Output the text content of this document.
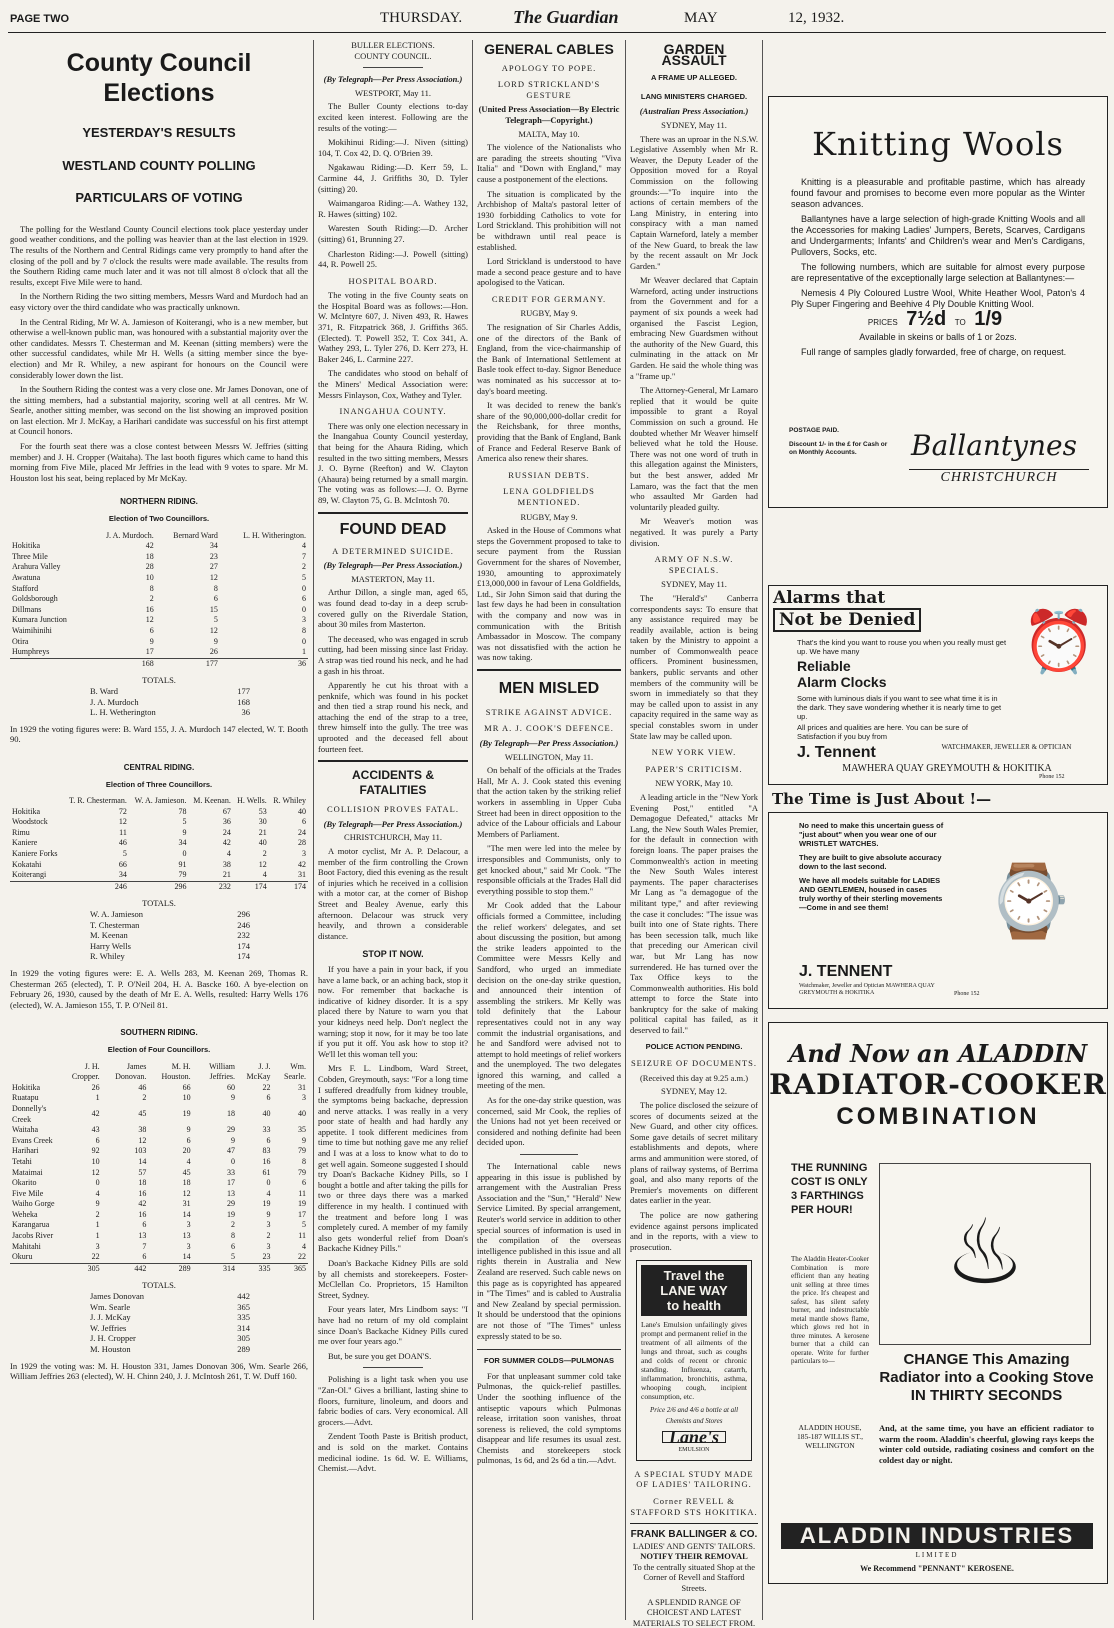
PAGE TWO	THURSDAY.	The Guardian	MAY	12, 1932.
County Council Elections
YESTERDAY'S RESULTS
WESTLAND COUNTY POLLING
PARTICULARS OF VOTING

The polling for the Westland County Council elections took place yesterday under good weather conditions, and the polling was heavier than at the last election in 1929. The results of the Northern and Central Ridings came very promptly to hand after the closing of the poll and by 7 o'clock the results were made available. The results from the Southern Riding came much later and it was not till almost 8 o'clock that all the results, except Five Mile were to hand.

In the Northern Riding the two sitting members, Messrs Ward and Murdoch had an easy victory over the third candidate who was practically unknown.

In the Central Riding, Mr W. A. Jamieson of Koiterangi, who is a new member, but otherwise a well-known public man, was honoured with a substantial majority over the other candidates. Messrs T. Chesterman and M. Keenan (sitting members) were the other successful candidates, while Mr H. Wells (a sitting member since the bye-election) and Mr R. Whiley, a new aspirant for honours on the Council were considerably lower down the list.

In the Southern Riding the contest was a very close one. Mr James Donovan, one of the sitting members, had a substantial majority, scoring well at all centres. Mr W. Searle, another sitting member, was second on the list showing an improved position on last election. Mr J. McKay, a Harihari candidate was successful on his first attempt at Council honors.

For the fourth seat there was a close contest between Messrs W. Jeffries (sitting member) and J. H. Cropper (Waitaha). The last booth figures which came to hand this morning from Five Mile, placed Mr Jeffries in the lead with 9 votes to spare. Mr M. Houston lost his seat, being replaced by Mr McKay.

NORTHERN RIDING.
Election of Two Councillors.
	J. A. Murdoch.	Bernard Ward	L. H. Witherington.
Hokitika	42	34	4
Three Mile	18	23	7
Arahura Valley	28	27	2
Awatuna	10	12	5
Stafford	8	8	0
Goldsborough	2	6	6
Dillmans	16	15	0
Kumara Junction	12	5	3
Waimihinihi	6	12	8
Otira	9	9	0
Humphreys	17	26	1
	168	177	36
TOTALS.
B. Ward	177
J. A. Murdoch	168
L. H. Wetherington	36
In 1929 the voting figures were: B. Ward 155, J. A. Murdoch 147 elected, W. T. Booth 90.
CENTRAL RIDING.
Election of Three Councillors.
	T. R. Chesterman.	W. A. Jamieson.	M. Keenan.	H. Wells.	R. Whiley
Hokitika	72	78	67	53	40
Woodstock	12	5	36	30	6
Rimu	11	9	24	21	24
Kaniere	46	34	42	40	28
Kaniere Forks	5	0	4	2	3
Kokatahi	66	91	38	12	42
Koiterangi	34	79	21	4	31
	246	296	232	174	174
TOTALS.
W. A. Jamieson	296
T. Chesterman	246
M. Keenan	232
Harry Wells	174
R. Whiley	174
In 1929 the voting figures were: E. A. Wells 283, M. Keenan 269, Thomas R. Chesterman 265 (elected), T. P. O'Neil 204, H. A. Bascke 160. A bye-election on February 26, 1930, caused by the death of Mr E. A. Wells, resulted: Harry Wells 176 (elected), W. A. Jamieson 155, T. P. O'Neil 81.
SOUTHERN RIDING.
Election of Four Councillors.
	J. H. Cropper.	James Donovan.	M. H. Houston.	William Jeffries.	J. J. McKay	Wm. Searle.
Hokitika	26	46	66	60	22	31
Ruatapu	1	2	10	9	6	3
Donnelly's Creek	42	45	19	18	40	40
Waitaha	43	38	9	29	33	35
Evans Creek	6	12	6	9	6	9
Harihari	92	103	20	47	83	79
Tetahi	10	14	4	0	16	8
Mataimai	12	57	45	33	61	79
Okarito	0	18	18	17	0	6
Five Mile	4	16	12	13	4	11
Waiho Gorge	9	42	31	29	19	19
Weheka	2	16	14	19	9	17
Karangarua	1	6	3	2	3	5
Jacobs River	1	13	13	8	2	11
Mahitahi	3	7	3	6	3	4
Okuru	22	6	14	5	23	22
	305	442	289	314	335	365
TOTALS.
James Donovan	442
Wm. Searle	365
J. J. McKay	335
W. Jeffries	314
J. H. Cropper	305
M. Houston	289
In 1929 the voting was: M. H. Houston 331, James Donovan 306, Wm. Searle 266, William Jeffries 263 (elected), W. H. Chinn 240, J. J. McIntosh 261, T. W. Duff 160.
BULLER ELECTIONS.
COUNTY COUNCIL.
(By Telegraph—Per Press Association.)
WESTPORT, May 11.

The Buller County elections to-day excited keen interest. Following are the results of the voting:—

Mokihinui Riding:—J. Niven (sitting) 104, T. Cox 42, D. Q. O'Brien 39.

Ngakawau Riding:—D. Kerr 59, L. Carmine 44, J. Griffiths 30, D. Tyler (sitting) 20.

Waimangaroa Riding:—A. Wathey 132, R. Hawes (sitting) 102.

Waresten South Riding:—D. Archer (sitting) 61, Brunning 27.

Charleston Riding:—J. Powell (sitting) 44, R. Powell 25.

HOSPITAL BOARD.

The voting in the five County seats on the Hospital Board was as follows:—Hon. W. McIntyre 607, J. Niven 493, R. Hawes 371, R. Fitzpatrick 368, J. Griffiths 365. (Elected). T. Powell 352, T. Cox 341, A. Wathey 293, L. Tyler 276, D. Kerr 273, H. Baker 246, L. Carmine 227.

The candidates who stood on behalf of the Miners' Medical Association were: Messrs Finlayson, Cox, Wathey and Tyler.

INANGAHUA COUNTY.

There was only one election necessary in the Inangahua County Council yesterday, that being for the Ahaura Riding, which resulted in the two sitting members, Messrs J. O. Byrne (Reefton) and W. Clayton (Ahaura) being returned by a small margin. The voting was as follows:—J. O. Byrne 89, W. Clayton 75, G. B. McIntosh 70.

FOUND DEAD
A DETERMINED SUICIDE.
(By Telegraph—Per Press Association.)
MASTERTON, May 11.

Arthur Dillon, a single man, aged 65, was found dead to-day in a deep scrub-covered gully on the Riverdale Station, about 30 miles from Masterton.

The deceased, who was engaged in scrub cutting, had been missing since last Friday. A strap was tied round his neck, and he had a gash in his throat.

Apparently he cut his throat with a penknife, which was found in his pocket and then tied a strap round his neck, and attaching the end of the strap to a tree, threw himself into the gully. The tree was uprooted and the deceased fell about fourteen feet.

ACCIDENTS & FATALITIES
COLLISION PROVES FATAL.
(By Telegraph—Per Press Association.)
CHRISTCHURCH, May 11.

A motor cyclist, Mr A. P. Delacour, a member of the firm controlling the Crown Boot Factory, died this evening as the result of injuries which he received in a collision with a motor car, at the corner of Bishop Street and Bealey Avenue, early this afternoon. Delacour was struck very heavily, and thrown a considerable distance.

STOP IT NOW.

If you have a pain in your back, if you have a lame back, or an aching back, stop it now. For remember that backache is indicative of kidney disorder. It is a spy placed there by Nature to warn you that your kidneys need help. Don't neglect the warning; stop it now, for it may be too late if you put it off. You ask how to stop it? We'll let this woman tell you:

Mrs F. L. Lindbom, Ward Street, Cobden, Greymouth, says: "For a long time I suffered dreadfully from kidney trouble, the symptoms being backache, depression and nerve attacks. I was really in a very poor state of health and had hardly any appetite. I took different medicines from time to time but nothing gave me any relief and I was at a loss to know what to do to get well again. Someone suggested I should try Doan's Backache Kidney Pills, so I bought a bottle and after taking the pills for two or three days there was a marked difference in my health. I continued with the treatment and before long I was completely cured. A member of my family also gets wonderful relief from Doan's Backache Kidney Pills."

Doan's Backache Kidney Pills are sold by all chemists and storekeepers. Foster-McClellan Co. Proprietors, 15 Hamilton Street, Sydney.

Four years later, Mrs Lindbom says: "I have had no return of my old complaint since Doan's Backache Kidney Pills cured me over four years ago."

But, be sure you get DOAN'S.

Polishing is a light task when you use "Zan-Ol." Gives a brilliant, lasting shine to floors, furniture, linoleum, and doors and fabric bodies of cars. Very economical. All grocers.—Advt.

Zendent Tooth Paste is British product, and is sold on the market. Contains medicinal iodine. 1s 6d. W. E. Williams, Chemist.—Advt.

GENERAL CABLES
APOLOGY TO POPE.
LORD STRICKLAND'S GESTURE
(United Press Association—By Electric Telegraph—Copyright.)
MALTA, May 10.

The violence of the Nationalists who are parading the streets shouting "Viva Italia" and "Down with England," may cause a postponement of the elections.

The situation is complicated by the Archbishop of Malta's pastoral letter of 1930 forbidding Catholics to vote for Lord Strickland. This prohibition will not be withdrawn until real peace is established.

Lord Strickland is understood to have made a second peace gesture and to have apologised to the Vatican.

CREDIT FOR GERMANY.
RUGBY, May 9.

The resignation of Sir Charles Addis, one of the directors of the Bank of England, from the vice-chairmanship of the Bank of International Settlement at Basle took effect to-day. Signor Beneduce was nominated as his successor at to-day's board meeting.

It was decided to renew the bank's share of the 90,000,000-dollar credit for the Reichsbank, for three months, providing that the Bank of England, Bank of France and Federal Reserve Bank of America also renew their shares.

RUSSIAN DEBTS.
LENA GOLDFIELDS MENTIONED.
RUGBY, May 9.

Asked in the House of Commons what steps the Government proposed to take to secure payment from the Russian Government for the shares of November, 1930, amounting to approximately £13,000,000 in favour of Lena Goldfields, Ltd., Sir John Simon said that during the last few days he had been in consultation with the company and now was in communication with the British Ambassador in Moscow. The company was not dissatisfied with the action he was now taking.

MEN MISLED
STRIKE AGAINST ADVICE.
MR A. J. COOK'S DEFENCE.
(By Telegraph—Per Press Association.)
WELLINGTON, May 11.

On behalf of the officials at the Trades Hall, Mr A. J. Cook stated this evening that the action taken by the striking relief workers in assembling in Upper Cuba Street had been in direct opposition to the advice of the Labour officials and Labour Members of Parliament.

"The men were led into the melee by irresponsibles and Communists, only to get knocked about," said Mr Cook. "The responsible officials at the Trades Hall did everything possible to stop them."

Mr Cook added that the Labour officials formed a Committee, including the relief workers' delegates, and set about discussing the position, but among the strike leaders appointed to the Committee were Messrs Kelly and Sandford, who urged an immediate decision on the one-day strike question, and announced their intention of assembling the strikers. Mr Kelly was told definitely that the Labour representatives could not in any way commit the industrial organisations, and he and Sandford were advised not to attempt to hold meetings of relief workers and the unemployed. The two delegates ignored this warning, and called a meeting of the men.

As for the one-day strike question, was concerned, said Mr Cook, the replies of the Unions had not yet been received or considered and nothing definite had been decided upon.

The International cable news appearing in this issue is published by arrangement with the Australian Press Association and the "Sun," "Herald" New Service Limited. By special arrangement, Reuter's world service in addition to other special sources of information is used in the compilation of the overseas intelligence published in this issue and all rights therein in Australia and New Zealand are reserved. Such cable news on this page as is copyrighted has appeared in "The Times" and is cabled to Australia and New Zealand by special permission. It should be understood that the opinions are not those of "The Times" unless expressly stated to be so.

FOR SUMMER COLDS—PULMONAS

For that unpleasant summer cold take Pulmonas, the quick-relief pastilles. Under the soothing influence of the antiseptic vapours which Pulmonas release, irritation soon vanishes, throat soreness is relieved, the cold symptoms disappear and life resumes its usual zest. Chemists and storekeepers stock pulmonas, 1s 6d, and 2s 6d a tin.—Advt.

GARDEN ASSAULT
A FRAME UP ALLEGED.
LANG MINISTERS CHARGED.
(Australian Press Association.)
SYDNEY, May 11.

There was an uproar in the N.S.W. Legislative Assembly when Mr R. Weaver, the Deputy Leader of the Opposition moved for a Royal Commission on the following grounds:—"To inquire into the actions of certain members of the Lang Ministry, in entering into conspiracy with a man named Captain Warneford, lately a member of the New Guard, to break the law by the recent assault on Mr Jock Garden."

Mr Weaver declared that Captain Warneford, acting under instructions from the Government and for a payment of six pounds a week had organised the Fascist Legion, embracing New Guardsmen without the authority of the New Guard, this culminating in the attack on Mr Garden. He said the whole thing was a "frame up."

The Attorney-General, Mr Lamaro replied that it would be quite impossible to grant a Royal Commission on such a ground. He doubted whether Mr Weaver himself believed what he told the House. There was not one word of truth in this allegation against the Ministers, but the best answer, added Mr Lamaro, was the fact that the men who assaulted Mr Garden had voluntarily pleaded guilty.

Mr Weaver's motion was negatived. It was purely a Party division.

ARMY OF N.S.W. SPECIALS.
SYDNEY, May 11.

The "Herald's" Canberra correspondents says: To ensure that any assistance required may be readily available, action is being taken by the Ministry to appoint a number of Commonwealth peace officers. Prominent businessmen, bankers, public servants and other members of the community will be sworn in immediately so that they may be called upon to assist in any capacity required in the same way as special constables sworn in under State law may be called upon.

NEW YORK VIEW.
PAPER'S CRITICISM.
NEW YORK, May 10.

A leading article in the "New York Evening Post," entitled "A Demagogue Defeated," attacks Mr Lang, the New South Wales Premier, for the default in connection with foreign loans. The paper praises the Commonwealth's action in meeting the New South Wales interest payments. The paper characterises Mr Lang as "a demagogue of the militant type," and after reviewing the case it concludes: "The issue was built into one of State rights. There has been secession talk, much like that preceding our American civil war, but Mr Lang has now surrendered. He has turned over the Tax Office keys to the Commonwealth authorities. His bold attempt to force the State into bankruptcy for the sake of making political capital has failed, as it deserved to fail."

POLICE ACTION PENDING.
SEIZURE OF DOCUMENTS.
(Received this day at 9.25 a.m.)
SYDNEY, May 12.

The police disclosed the seizure of scores of documents seized at the New Guard, and other city offices. Some gave details of secret military establishments and depots, where arms and ammunition were stored, of plans of railway systems, of Berrima goal, and also many reports of the Premier's movements on different dates earlier in the year.

The police are now gathering evidence against persons implicated and in the reports, with a view to prosecution.

Travel the
LANE WAY
to health
Lane's Emulsion unfailingly gives prompt and permanent relief in the treatment of all ailments of the lungs and throat, such as coughs and colds of recent or chronic standing. Influenza, catarrh, inflammation, bronchitis, asthma, whooping cough, incipient consumption, etc.
Price 2/6 and 4/6 a bottle at all Chemists and Stores
Lane's
EMULSION
A SPECIAL STUDY MADE OF LADIES' TAILORING.
Corner REVELL & STAFFORD STS HOKITIKA.
FRANK BALLINGER & CO.
LADIES' AND GENTS' TAILORS.
NOTIFY THEIR REMOVAL
To the centrally situated Shop at the Corner of Revell and Stafford Streets.
A SPLENDID RANGE OF CHOICEST AND LATEST MATERIALS TO SELECT FROM.
Knitting Wools

Knitting is a pleasurable and profitable pastime, which has already found favour and promises to become even more popular as the Winter season advances.

Ballantynes have a large selection of high-grade Knitting Wools and all the Accessories for making Ladies' Jumpers, Berets, Scarves, Cardigans and Undergarments; Infants' and Children's wear and Men's Cardigans, Pullovers, Socks, etc.

The following numbers, which are suitable for almost every purpose are representative of the exceptionally large selection at Ballantynes:—

Nemesis 4 Ply Coloured Lustre Wool, White Heather Wool, Paton's 4 Ply Super Fingering and Beehive 4 Ply Double Knitting Wool.

PRICES 7½d TO 1/9
Available in skeins or balls of 1 or 2ozs.

Full range of samples gladly forwarded, free of charge, on request.

POSTAGE PAID.
Discount 1/- in the £ for Cash or on Monthly Accounts.	Ballantynes
CHRISTCHURCH
Alarms that
Not be Denied ⏰
That's the kind you want to rouse you when you really must get up. We have many
Reliable
Alarm Clocks
Some with luminous dials if you want to see what time it is in the dark. They save wondering whether it is nearly time to get up.
All prices and qualities are here. You can be sure of Satisfaction if you buy from
J. Tennent	WATCHMAKER, JEWELLER & OPTICIAN
MAWHERA QUAY GREYMOUTH & HOKITIKA
Phone 152
The Time is Just About !—
No need to make this uncertain guess of "just about" when you wear one of our WRISTLET WATCHES.
They are built to give absolute accuracy down to the last second.
We have all models suitable for LADIES AND GENTLEMEN, housed in cases truly worthy of their sterling movements—Come in and see them!	⌚
J. TENNENT
Watchmaker, Jeweller and Optician MAWHERA QUAY GREYMOUTH & HOKITIKA	Phone 152
And Now an ALADDIN
RADIATOR-COOKER
COMBINATION
THE RUNNING COST IS ONLY 3 FARTHINGS PER HOUR!
The Aladdin Heater-Cooker Combination is more efficient than any heating unit selling at three times the price. It's cheapest and safest, has silent safety burner, and indestructable metal mantle shows flame, which glows red hot in three minutes. A kerosene burner that a child can operate. Write for further particulars to—
ALADDIN HOUSE, 185-187 WILLIS ST., WELLINGTON
♨
CHANGE This Amazing Radiator into a Cooking Stove IN THIRTY SECONDS
And, at the same time, you have an efficient radiator to warm the room. Aladdin's cheerful, glowing rays keeps the winter cold outside, radiating cosiness and comfort on the coldest day or night.
ALADDIN INDUSTRIES
LIMITED
We Recommend "PENNANT" KEROSENE.
